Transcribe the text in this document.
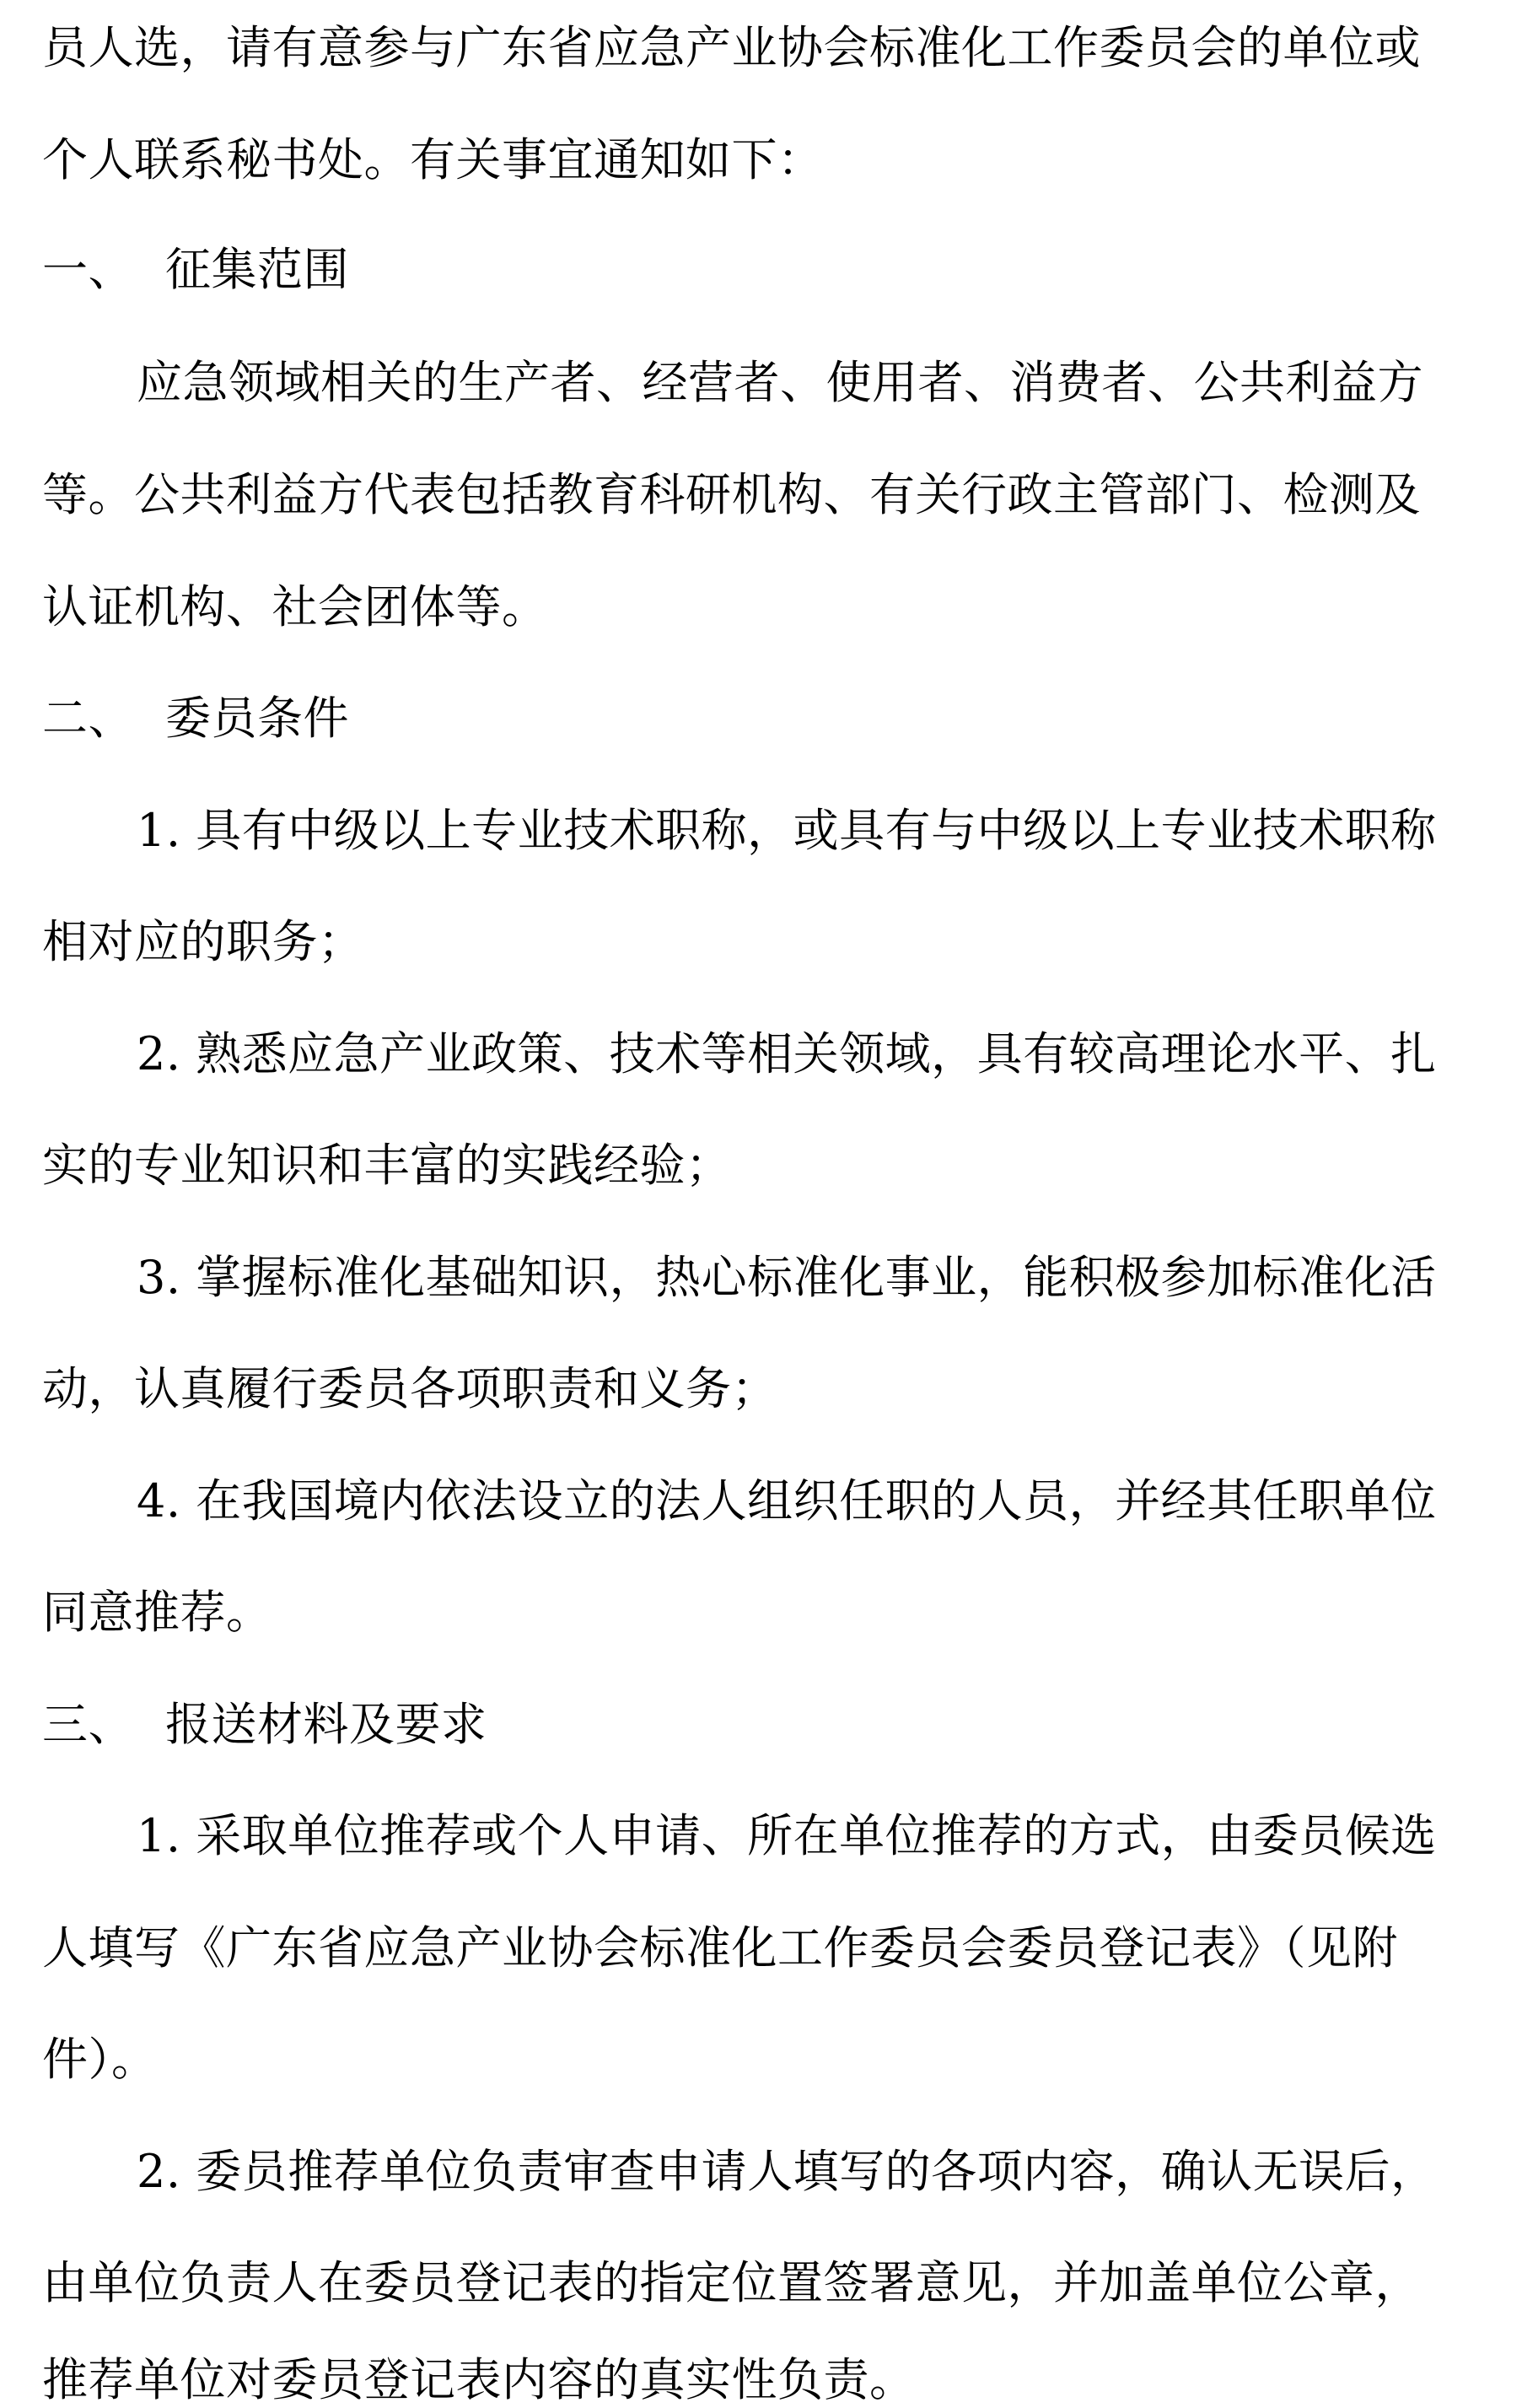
员人选，请有意参与广东省应急产业协会标准化工作委员会的单位或
个人联系秘书处。有关事宜通知如下：
一、 征集范围
应急领域相关的生产者、经营者、使用者、消费者、公共利益方
等。公共利益方代表包括教育科研机构、有关行政主管部门、检测及
认证机构、社会团体等。
二、 委员条件
1. 具有中级以上专业技术职称，或具有与中级以上专业技术职称
相对应的职务；
2. 熟悉应急产业政策、技术等相关领域，具有较高理论水平、扎
实的专业知识和丰富的实践经验；
3. 掌握标准化基础知识，热心标准化事业，能积极参加标准化活
动，认真履行委员各项职责和义务；
4. 在我国境内依法设立的法人组织任职的人员，并经其任职单位
同意推荐。
三、 报送材料及要求
1. 采取单位推荐或个人申请、所在单位推荐的方式，由委员候选
人填写《广东省应急产业协会标准化工作委员会委员登记表》（见附
件）。
2. 委员推荐单位负责审查申请人填写的各项内容，确认无误后，
由单位负责人在委员登记表的指定位置签署意见，并加盖单位公章，
推荐单位对委员登记表内容的真实性负责。
